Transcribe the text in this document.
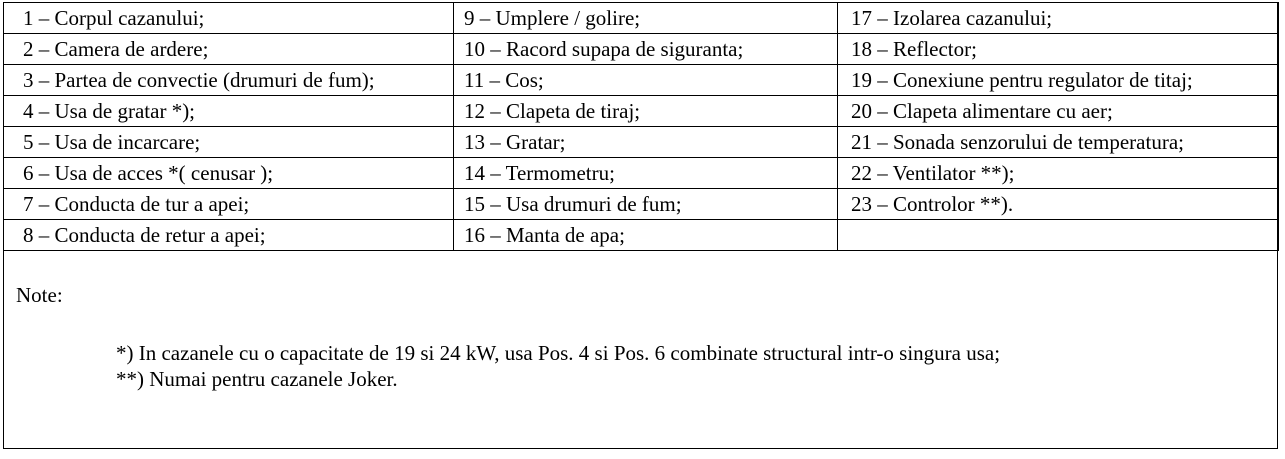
1 – Corpul cazanului;	9 – Umplere / golire;	17 – Izolarea cazanului;
2 – Camera de ardere;	10 – Racord supapa de siguranta;	18 – Reflector;
3 – Partea de convectie (drumuri de fum);	11 – Cos;	19 – Conexiune pentru regulator de titaj;
4 – Usa de gratar *);	12 – Clapeta de tiraj;	20 – Clapeta alimentare cu aer;
5 – Usa de incarcare;	13 – Gratar;	21 – Sonada senzorului de temperatura;
6 – Usa de acces *( cenusar );	14 – Termometru;	22 – Ventilator **);
7 – Conducta de tur a apei;	15 – Usa drumuri de fum;	23 – Controlor **).
8 – Conducta de retur a apei;	16 – Manta de apa;	
Note:
*) In cazanele cu o capacitate de 19 si 24 kW, usa Pos. 4 si Pos. 6 combinate structural intr-o singura usa;
**) Numai pentru cazanele Joker.
